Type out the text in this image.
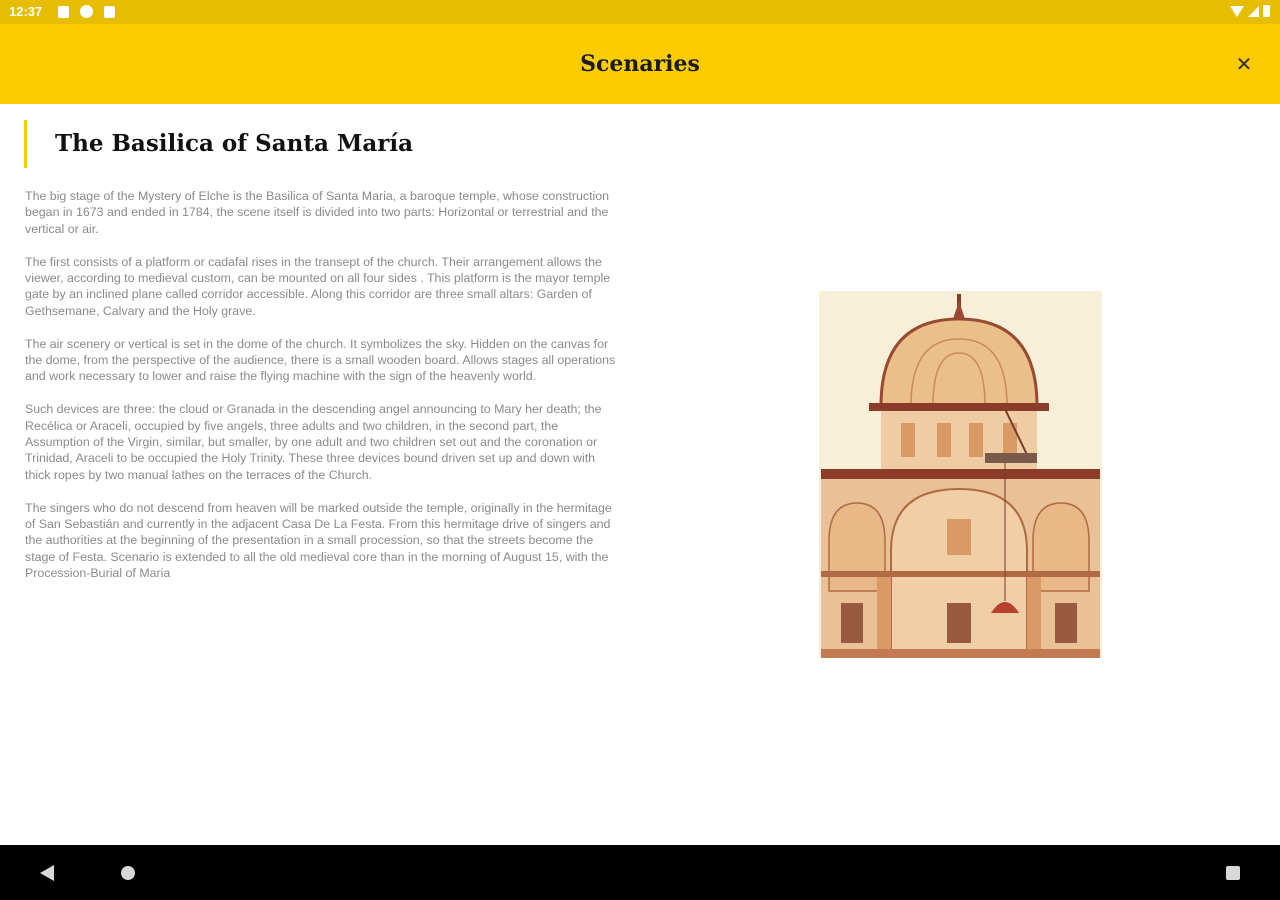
12:37
Scenaries	✕
The Basilica of Santa María

The big stage of the Mystery of Elche is the Basilica of Santa Maria, a baroque temple, whose construction began in 1673 and ended in 1784, the scene itself is divided into two parts: Horizontal or terrestrial and the vertical or air.

The first consists of a platform or cadafal rises in the transept of the church. Their arrangement allows the viewer, according to medieval custom, can be mounted on all four sides . This platform is the mayor temple gate by an inclined plane called corridor accessible. Along this corridor are three small altars: Garden of Gethsemane, Calvary and the Holy grave.

The air scenery or vertical is set in the dome of the church. It symbolizes the sky. Hidden on the canvas for the dome, from the perspective of the audience, there is a small wooden board. Allows stages all operations and work necessary to lower and raise the flying machine with the sign of the heavenly world.

Such devices are three: the cloud or Granada in the descending angel announcing to Mary her death; the Recélica or Araceli, occupied by five angels, three adults and two children, in the second part, the Assumption of the Virgin, similar, but smaller, by one adult and two children set out and the coronation or Trinidad, Araceli to be occupied the Holy Trinity. These three devices bound driven set up and down with thick ropes by two manual lathes on the terraces of the Church.

The singers who do not descend from heaven will be marked outside the temple, originally in the hermitage of San Sebastián and currently in the adjacent Casa De La Festa. From this hermitage drive of singers and the authorities at the beginning of the presentation in a small procession, so that the streets become the stage of Festa. Scenario is extended to all the old medieval core than in the morning of August 15, with the Procession-Burial of Maria
